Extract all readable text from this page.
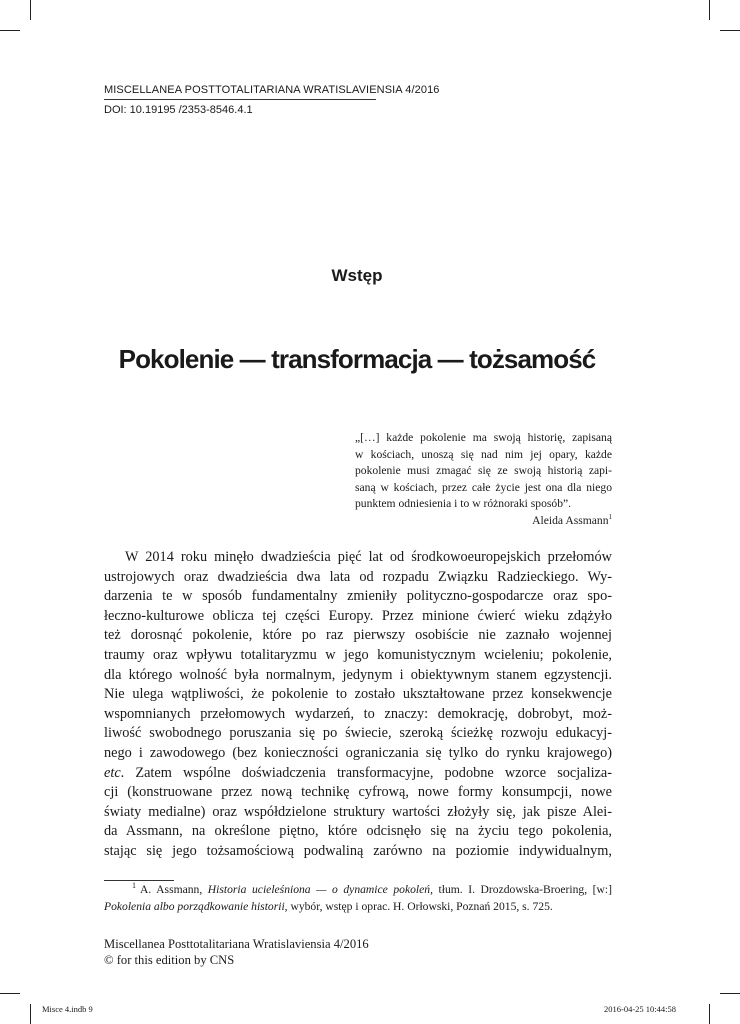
MISCELLANEA POSTTOTALITARIANA WRATISLAVIENSIA 4/2016
DOI: 10.19195 /2353-8546.4.1
Wstęp
Pokolenie — transformacja — tożsamość
„[…] każde pokolenie ma swoją historię, zapisaną
w kościach, unoszą się nad nim jej opary, każde
pokolenie musi zmagać się ze swoją historią zapi-
saną w kościach, przez całe życie jest ona dla niego
punktem odniesienia i to w różnoraki sposób”.
Aleida Assmann$^1$
W 2014 roku minęło dwadzieścia pięć lat od środkowoeuropejskich przełomów
ustrojowych oraz dwadzieścia dwa lata od rozpadu Związku Radzieckiego. Wy-
darzenia te w sposób fundamentalny zmieniły polityczno-gospodarcze oraz spo-
łeczno-kulturowe oblicza tej części Europy. Przez minione ćwierć wieku zdążyło
też dorosnąć pokolenie, które po raz pierwszy osobiście nie zaznało wojennej
traumy oraz wpływu totalitaryzmu w jego komunistycznym wcieleniu; pokolenie,
dla którego wolność była normalnym, jedynym i obiektywnym stanem egzystencji.
Nie ulega wątpliwości, że pokolenie to zostało ukształtowane przez konsekwencje
wspomnianych przełomowych wydarzeń, to znaczy: demokrację, dobrobyt, moż-
liwość swobodnego poruszania się po świecie, szeroką ścieżkę rozwoju edukacyj-
nego i zawodowego (bez konieczności ograniczania się tylko do rynku krajowego)
etc. Zatem wspólne doświadczenia transformacyjne, podobne wzorce socjaliza-
cji (konstruowane przez nową technikę cyfrową, nowe formy konsumpcji, nowe
światy medialne) oraz współdzielone struktury wartości złożyły się, jak pisze Alei-
da Assmann, na określone piętno, które odcisnęło się na życiu tego pokolenia,
stając się jego tożsamościową podwaliną zarówno na poziomie indywidualnym,
$^1$ A. Assmann, Historia ucieleśniona — o dynamice pokoleń, tłum. I. Drozdowska-Broering, [w:]
Pokolenia albo porządkowanie historii, wybór, wstęp i oprac. H. Orłowski, Poznań 2015, s. 725.
Miscellanea Posttotalitariana Wratislaviensia 4/2016
© for this edition by CNS
Misce 4.indb 9	2016-04-25 10:44:58
